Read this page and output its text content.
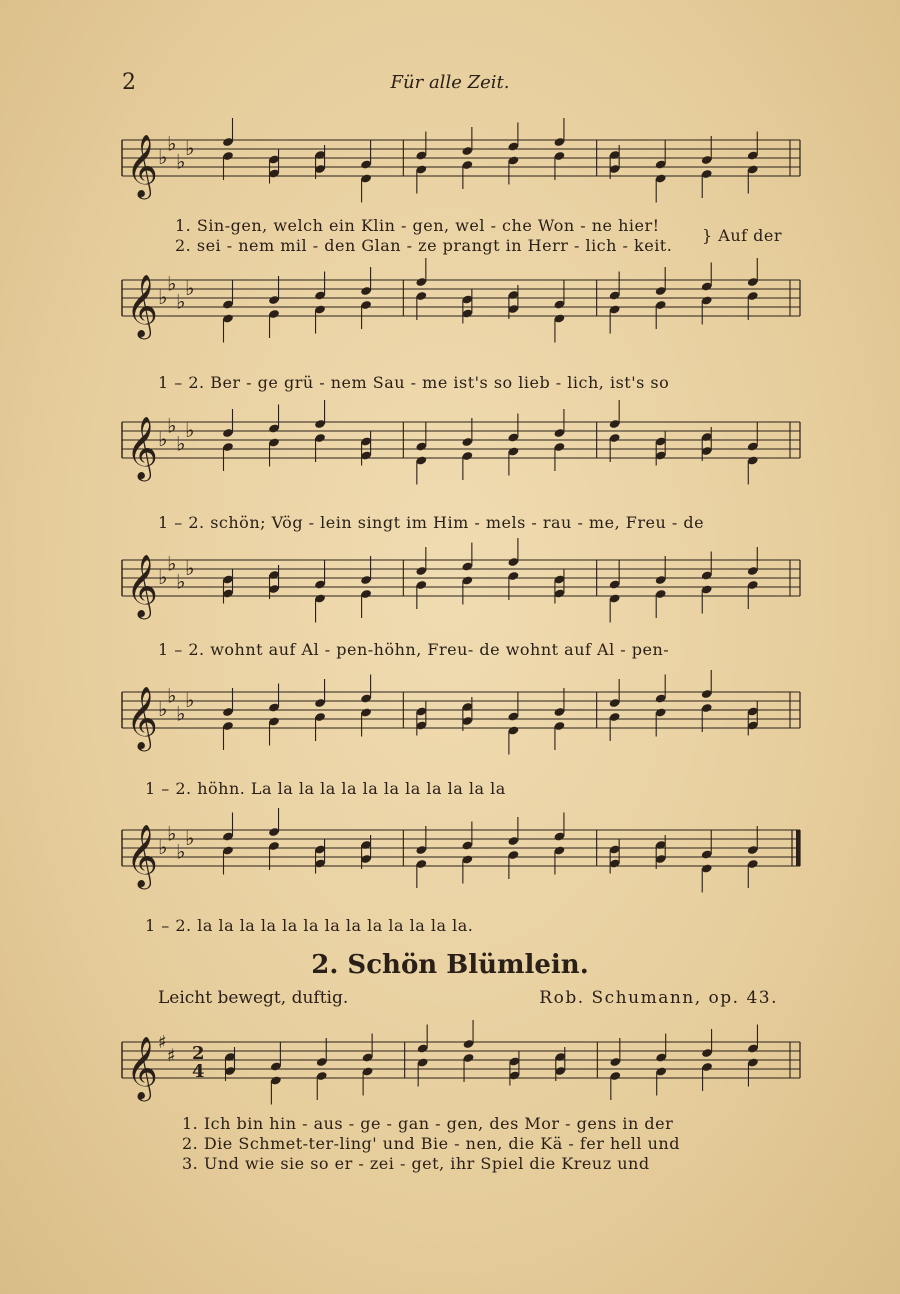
2	Für alle Zeit.
𝄞 ♭
♭
♭
♭
1. Sin-gen, welch ein Klin - gen, wel - che Won - ne hier!
2. sei - nem mil - den Glan - ze prangt in Herr - lich - keit.
} Auf der
𝄞 ♭
♭
♭
♭
1 – 2. Ber - ge grü - nem Sau - me ist's so lieb - lich, ist's so
𝄞 ♭
♭
♭
♭
1 – 2. schön; Vög - lein singt im Him - mels - rau - me, Freu - de
𝄞 ♭
♭
♭
♭
1 – 2. wohnt auf Al - pen-höhn, Freu- de wohnt auf Al - pen-
𝄞 ♭
♭
♭
♭
1 – 2. höhn. La la la la la la la la la la la la
𝄞 ♭
♭
♭
♭
1 – 2. la la la la la la la la la la la la la.
2. Schön Blümlein.
Leicht bewegt, duftig.	Rob. Schumann, op. 43.
𝄞 ♯
♯ 2
4
1. Ich bin hin - aus - ge - gan - gen, des Mor - gens in der
2. Die Schmet-ter-ling' und Bie - nen, die Kä - fer hell und
3. Und wie sie so er - zei - get, ihr Spiel die Kreuz und
